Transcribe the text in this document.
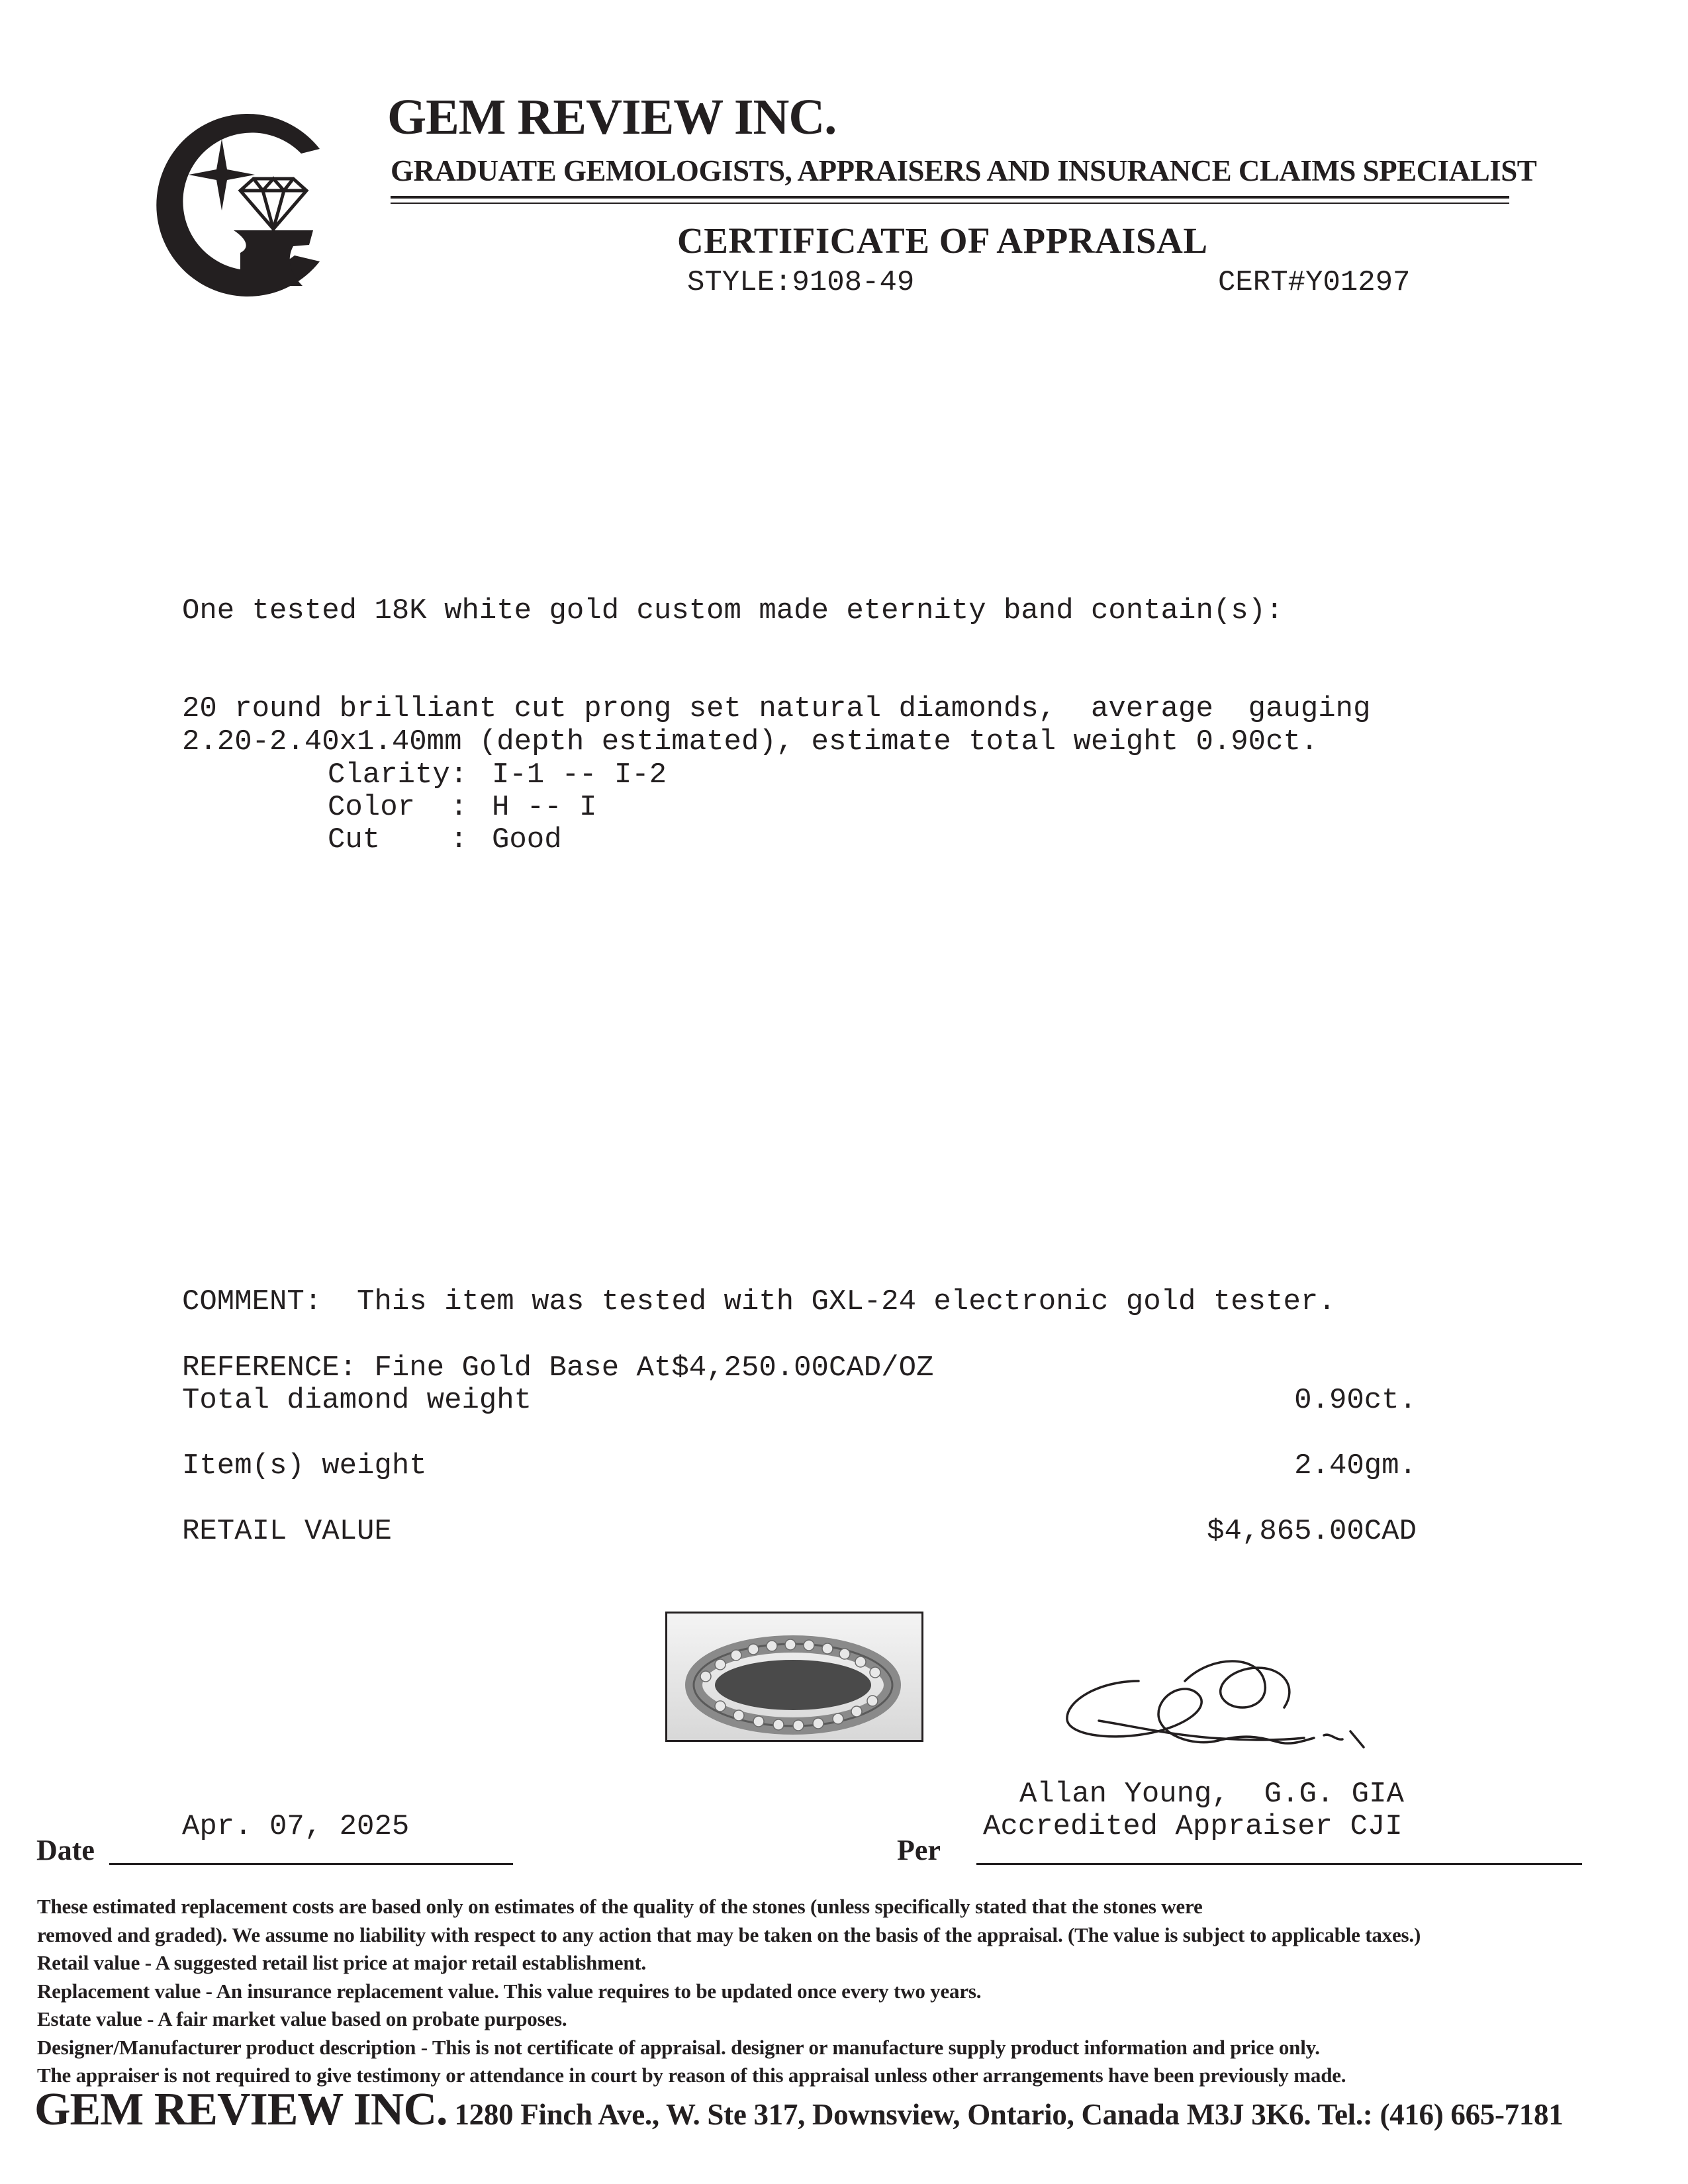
GEM REVIEW INC.
GRADUATE GEMOLOGISTS, APPRAISERS AND INSURANCE CLAIMS SPECIALIST
CERTIFICATE OF APPRAISAL
STYLE:9108-49	CERT#Y01297
One tested 18K white gold custom made eternity band contain(s):
20 round brilliant cut prong set natural diamonds,  average  gauging
2.20-2.40x1.40mm (depth estimated), estimate total weight 0.90ct.
Clarity: I-1 -- I-2
Color  : H -- I
Cut    : Good
COMMENT:  This item was tested with GXL-24 electronic gold tester.
REFERENCE: Fine Gold Base At$4,250.00CAD/OZ
Total diamond weight	0.90ct.
Item(s) weight	2.40gm.
RETAIL VALUE	$4,865.00CAD
Allan Young,  G.G. GIA
Accredited Appraiser CJI
Apr. 07, 2025
Date	Per
These estimated replacement costs are based only on estimates of the quality of the stones (unless specifically stated that the stones were
removed and graded). We assume no liability with respect to any action that may be taken on the basis of the appraisal. (The value is subject to applicable taxes.)
Retail value - A suggested retail list price at major retail establishment.
Replacement value - An insurance replacement value. This value requires to be updated once every two years.
Estate value - A fair market value based on probate purposes.
Designer/Manufacturer product description - This is not certificate of appraisal. designer or manufacture supply product information and price only.
The appraiser is not required to give testimony or attendance in court by reason of this appraisal unless other arrangements have been previously made.
GEM REVIEW INC. 1280 Finch Ave., W. Ste 317, Downsview, Ontario, Canada M3J 3K6. Tel.: (416) 665-7181
